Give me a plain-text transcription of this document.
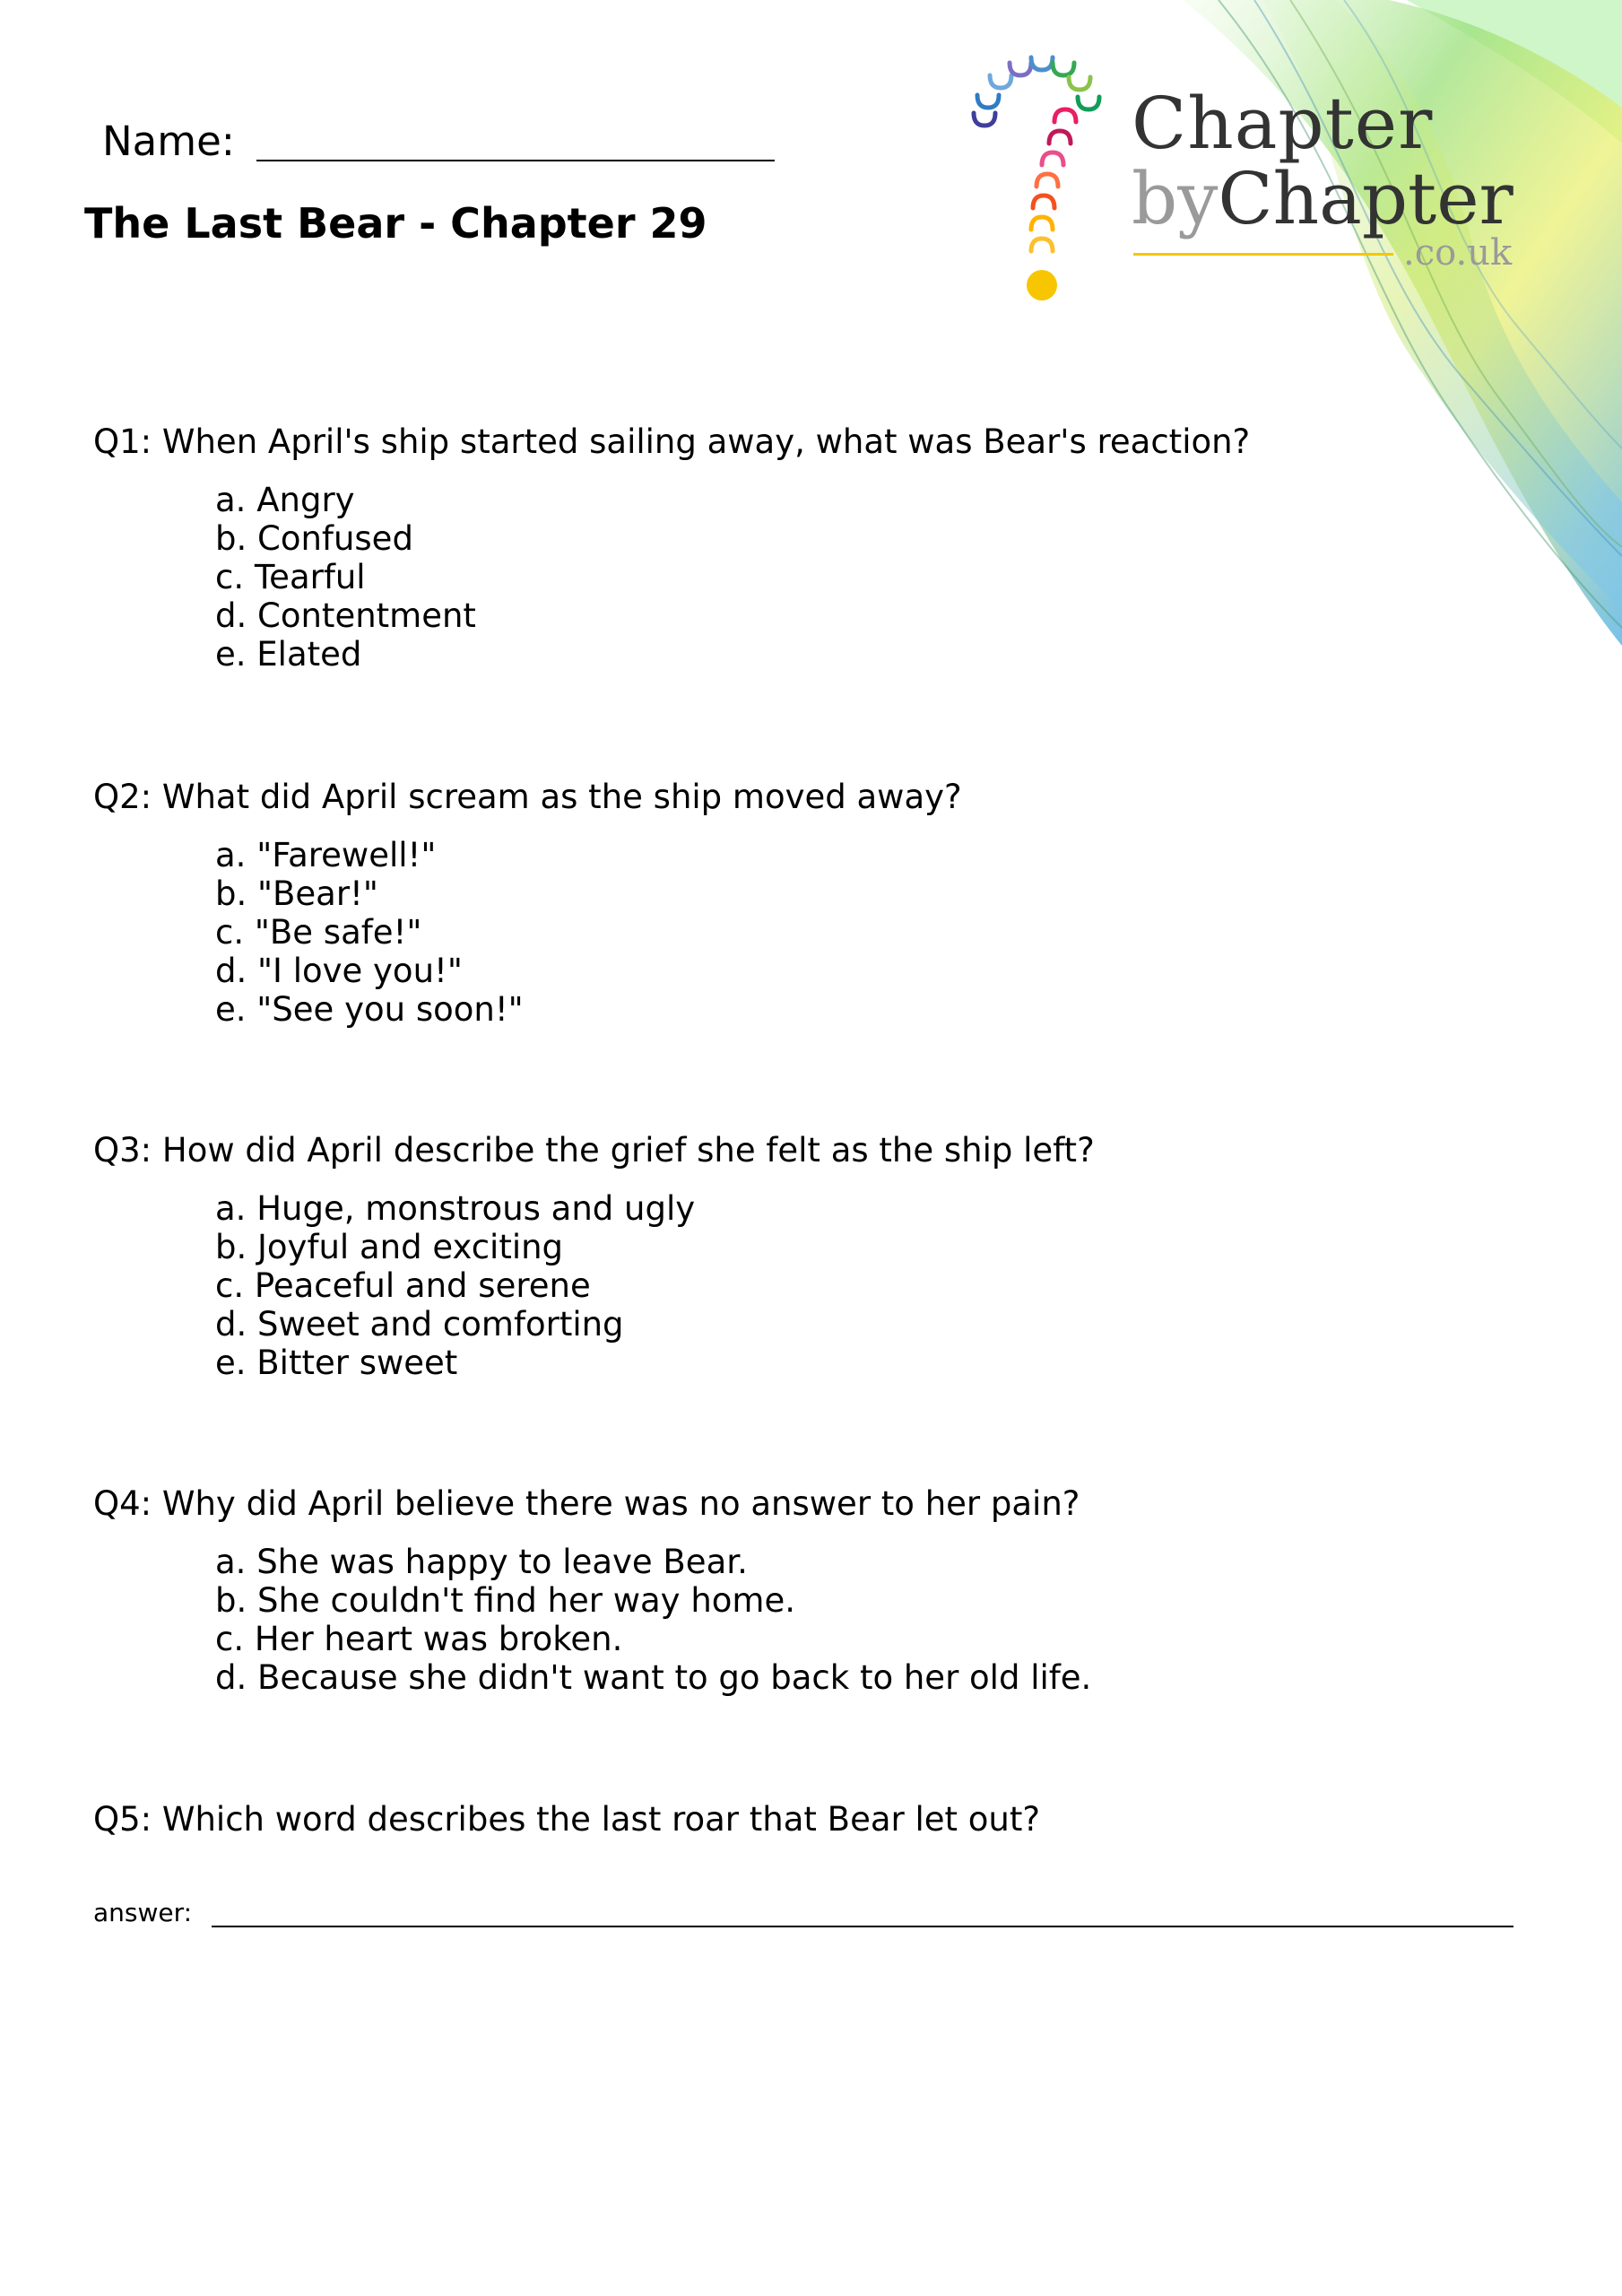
Chapter
byChapter
.co.uk
Name:
The Last Bear - Chapter 29

Q1: When April's ship started sailing away, what was Bear's reaction?

a. Angry
b. Confused
c. Tearful
d. Contentment
e. Elated

Q2: What did April scream as the ship moved away?

a. "Farewell!"
b. "Bear!"
c. "Be safe!"
d. "I love you!"
e. "See you soon!"

Q3: How did April describe the grief she felt as the ship left?

a. Huge, monstrous and ugly
b. Joyful and exciting
c. Peaceful and serene
d. Sweet and comforting
e. Bitter sweet

Q4: Why did April believe there was no answer to her pain?

a. She was happy to leave Bear.
b. She couldn't find her way home.
c. Her heart was broken.
d. Because she didn't want to go back to her old life.

Q5: Which word describes the last roar that Bear let out?

answer:
